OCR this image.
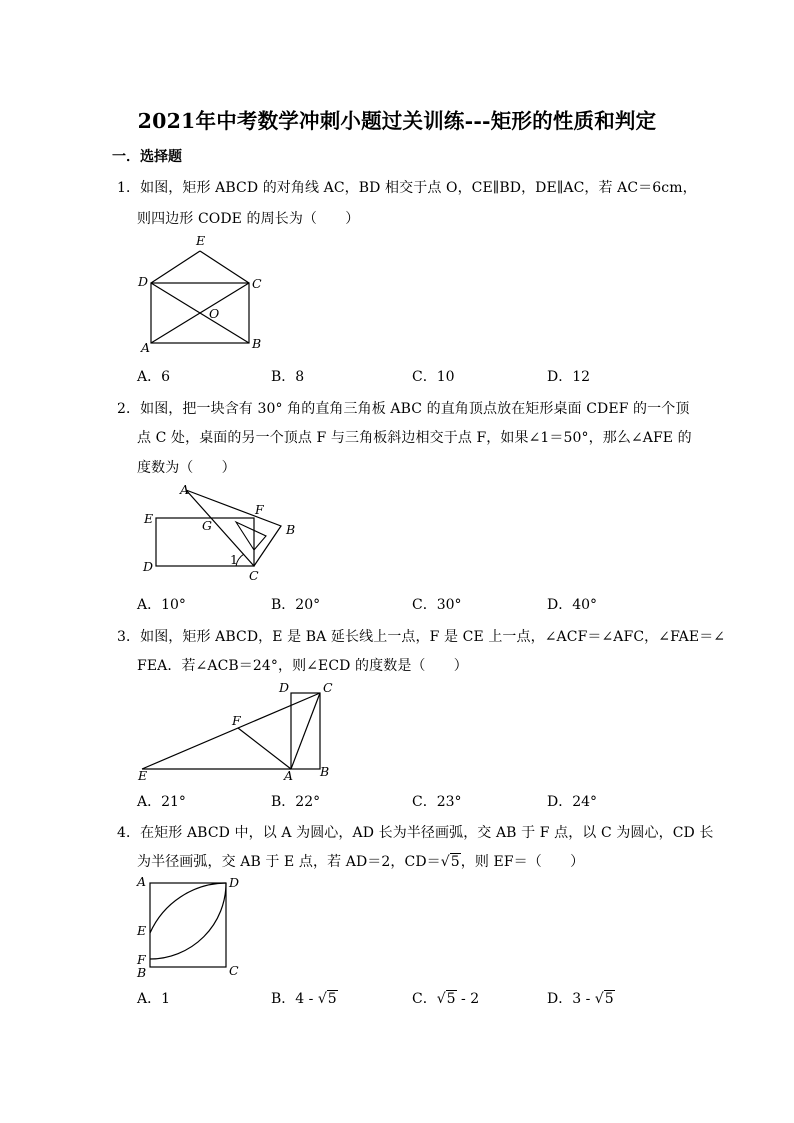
2021年中考数学冲刺小题过关训练---矩形的性质和判定
一．选择题
1．如图，矩形 ABCD 的对角线 AC，BD 相交于点 O，CE∥BD，DE∥AC，若 AC＝6cm，
则四边形 CODE 的周长为（　　）
E
D	C
O
A	B
A．6	B．8	C．10	D．12
2．如图，把一块含有 30° 角的直角三角板 ABC 的直角顶点放在矩形桌面 CDEF 的一个顶
点 C 处，桌面的另一个顶点 F 与三角板斜边相交于点 F，如果∠1＝50°，那么∠AFE 的
度数为（　　）
A
E	G
F
B
1
D
C
A．10°	B．20°	C．30°	D．40°
3．如图，矩形 ABCD，E 是 BA 延长线上一点，F 是 CE 上一点，∠ACF＝∠AFC，∠FAE＝∠
FEA．若∠ACB＝24°，则∠ECD 的度数是（　　）
D	C
F
E	A B
A．21°	B．22°	C．23°	D．24°
4．在矩形 ABCD 中，以 A 为圆心，AD 长为半径画弧，交 AB 于 F 点，以 C 为圆心，CD 长
为半径画弧，交 AB 于 E 点，若 AD＝2，CD＝√5，则 EF＝（　　）
A	D
E
F
B	C
A．1	B．4 - √5	C．√5 - 2	D．3 - √5
